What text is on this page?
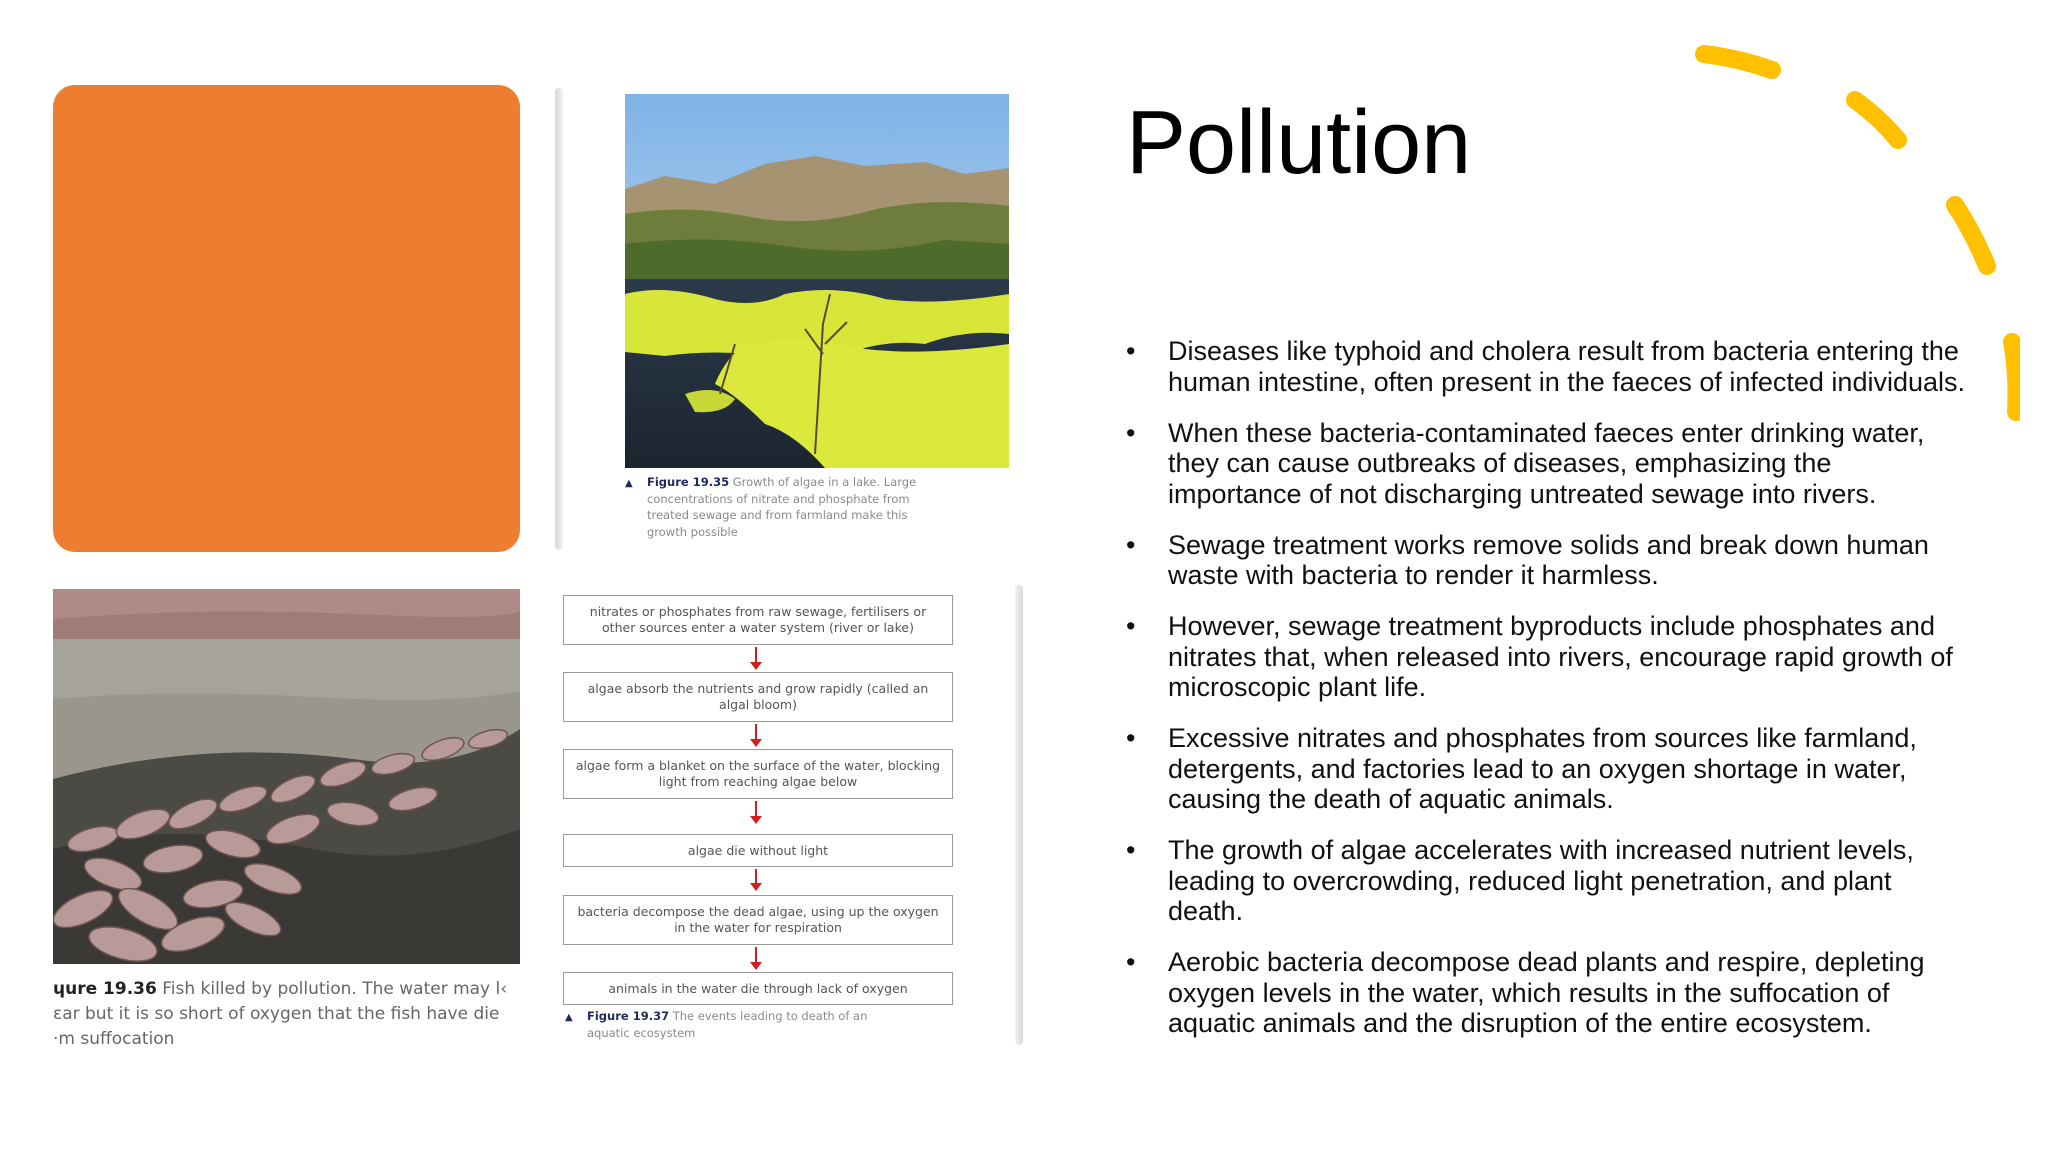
▲ Figure 19.35 Growth of algae in a lake. Large concentrations of nitrate and phosphate from treated sewage and from farmland make this growth possible
ɥure 19.36 Fish killed by pollution. The water may l‹
ɛar but it is so short of oxygen that the fish have die
·m suffocation
nitrates or phosphates from raw sewage, fertilisers or other sources enter a water system (river or lake)
algae absorb the nutrients and grow rapidly (called an algal bloom)
algae form a blanket on the surface of the water, blocking light from reaching algae below
algae die without light
bacteria decompose the dead algae, using up the oxygen in the water for respiration
animals in the water die through lack of oxygen
▲ Figure 19.37 The events leading to death of an aquatic ecosystem
Pollution
• Diseases like typhoid and cholera result from bacteria entering the human intestine, often present in the faeces of infected individuals.
• When these bacteria-contaminated faeces enter drinking water, they can cause outbreaks of diseases, emphasizing the importance of not discharging untreated sewage into rivers.
• Sewage treatment works remove solids and break down human waste with bacteria to render it harmless.
• However, sewage treatment byproducts include phosphates and nitrates that, when released into rivers, encourage rapid growth of microscopic plant life.
• Excessive nitrates and phosphates from sources like farmland, detergents, and factories lead to an oxygen shortage in water, causing the death of aquatic animals.
• The growth of algae accelerates with increased nutrient levels, leading to overcrowding, reduced light penetration, and plant death.
• Aerobic bacteria decompose dead plants and respire, depleting oxygen levels in the water, which results in the suffocation of aquatic animals and the disruption of the entire ecosystem.
